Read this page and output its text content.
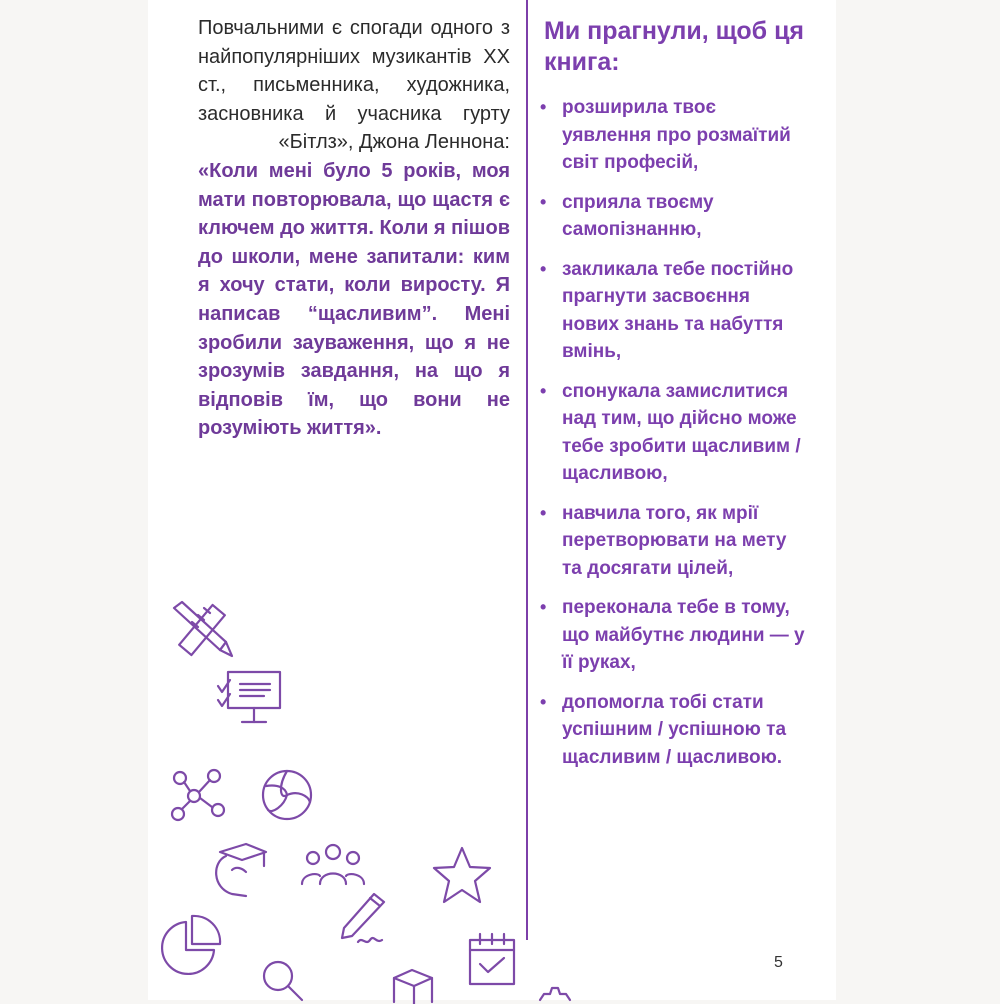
Повчальними є спогади одного з найпопулярніших музикантів XX ст., письменника, художника, засновника й учасника гурту «Бітлз», Джона Леннона:
«Коли мені було 5 років, моя мати повторювала, що щастя є ключем до життя. Коли я пішов до школи, мене запитали: ким я хочу стати, коли виросту. Я написав “щасливим”. Мені зробили зауваження, що я не зрозумів завдання, на що я відповів їм, що вони не розуміють життя».
Ми прагнули, щоб ця книга:
• розширила твоє уявлення про розмаїтий світ професій,
• сприяла твоєму самопізнанню,
• закликала тебе постійно прагнути засвоєння нових знань та набуття вмінь,
• спонукала замислитися над тим, що дійсно може тебе зробити щасливим / щасливою,
• навчила того, як мрії перетворювати на мету та досягати цілей,
• переконала тебе в тому, що майбутнє людини — у її руках,
• допомогла тобі стати успішним / успішною та щасливим / щасливою.
5
